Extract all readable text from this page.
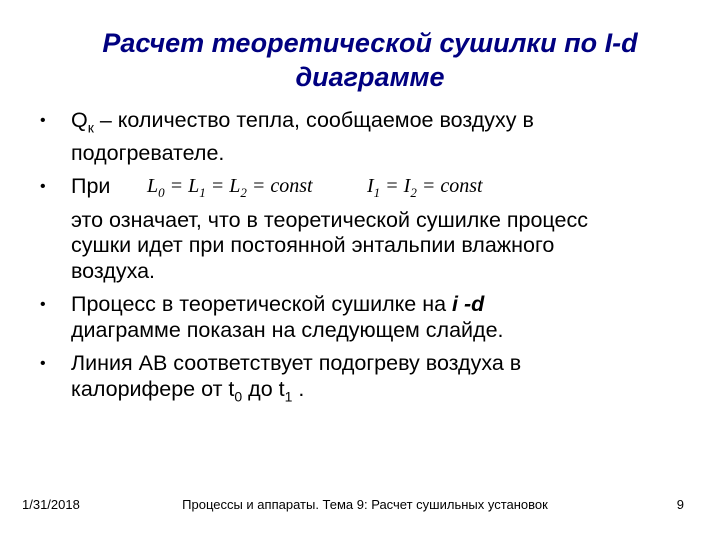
Расчет теоретической сушилки по I-d
диаграмме
•	$Q_к$ – количество тепла, сообщаемое воздуху в
подогревателе.
•	При $L_0 = L_1 = L_2$ = const	$I_1 = I_2$ = const
это означает, что в теоретической сушилке процесс
сушки идет при постоянной энтальпии влажного
воздуха.
•	Процесс в теоретической сушилке на i -d
диаграмме показан на следующем слайде.
•	Линия АВ соответствует подогреву воздуха в
калорифере от $t_0$ до $t_1$ .
1/31/2018	Процессы и аппараты. Тема 9: Расчет сушильных установок	9
